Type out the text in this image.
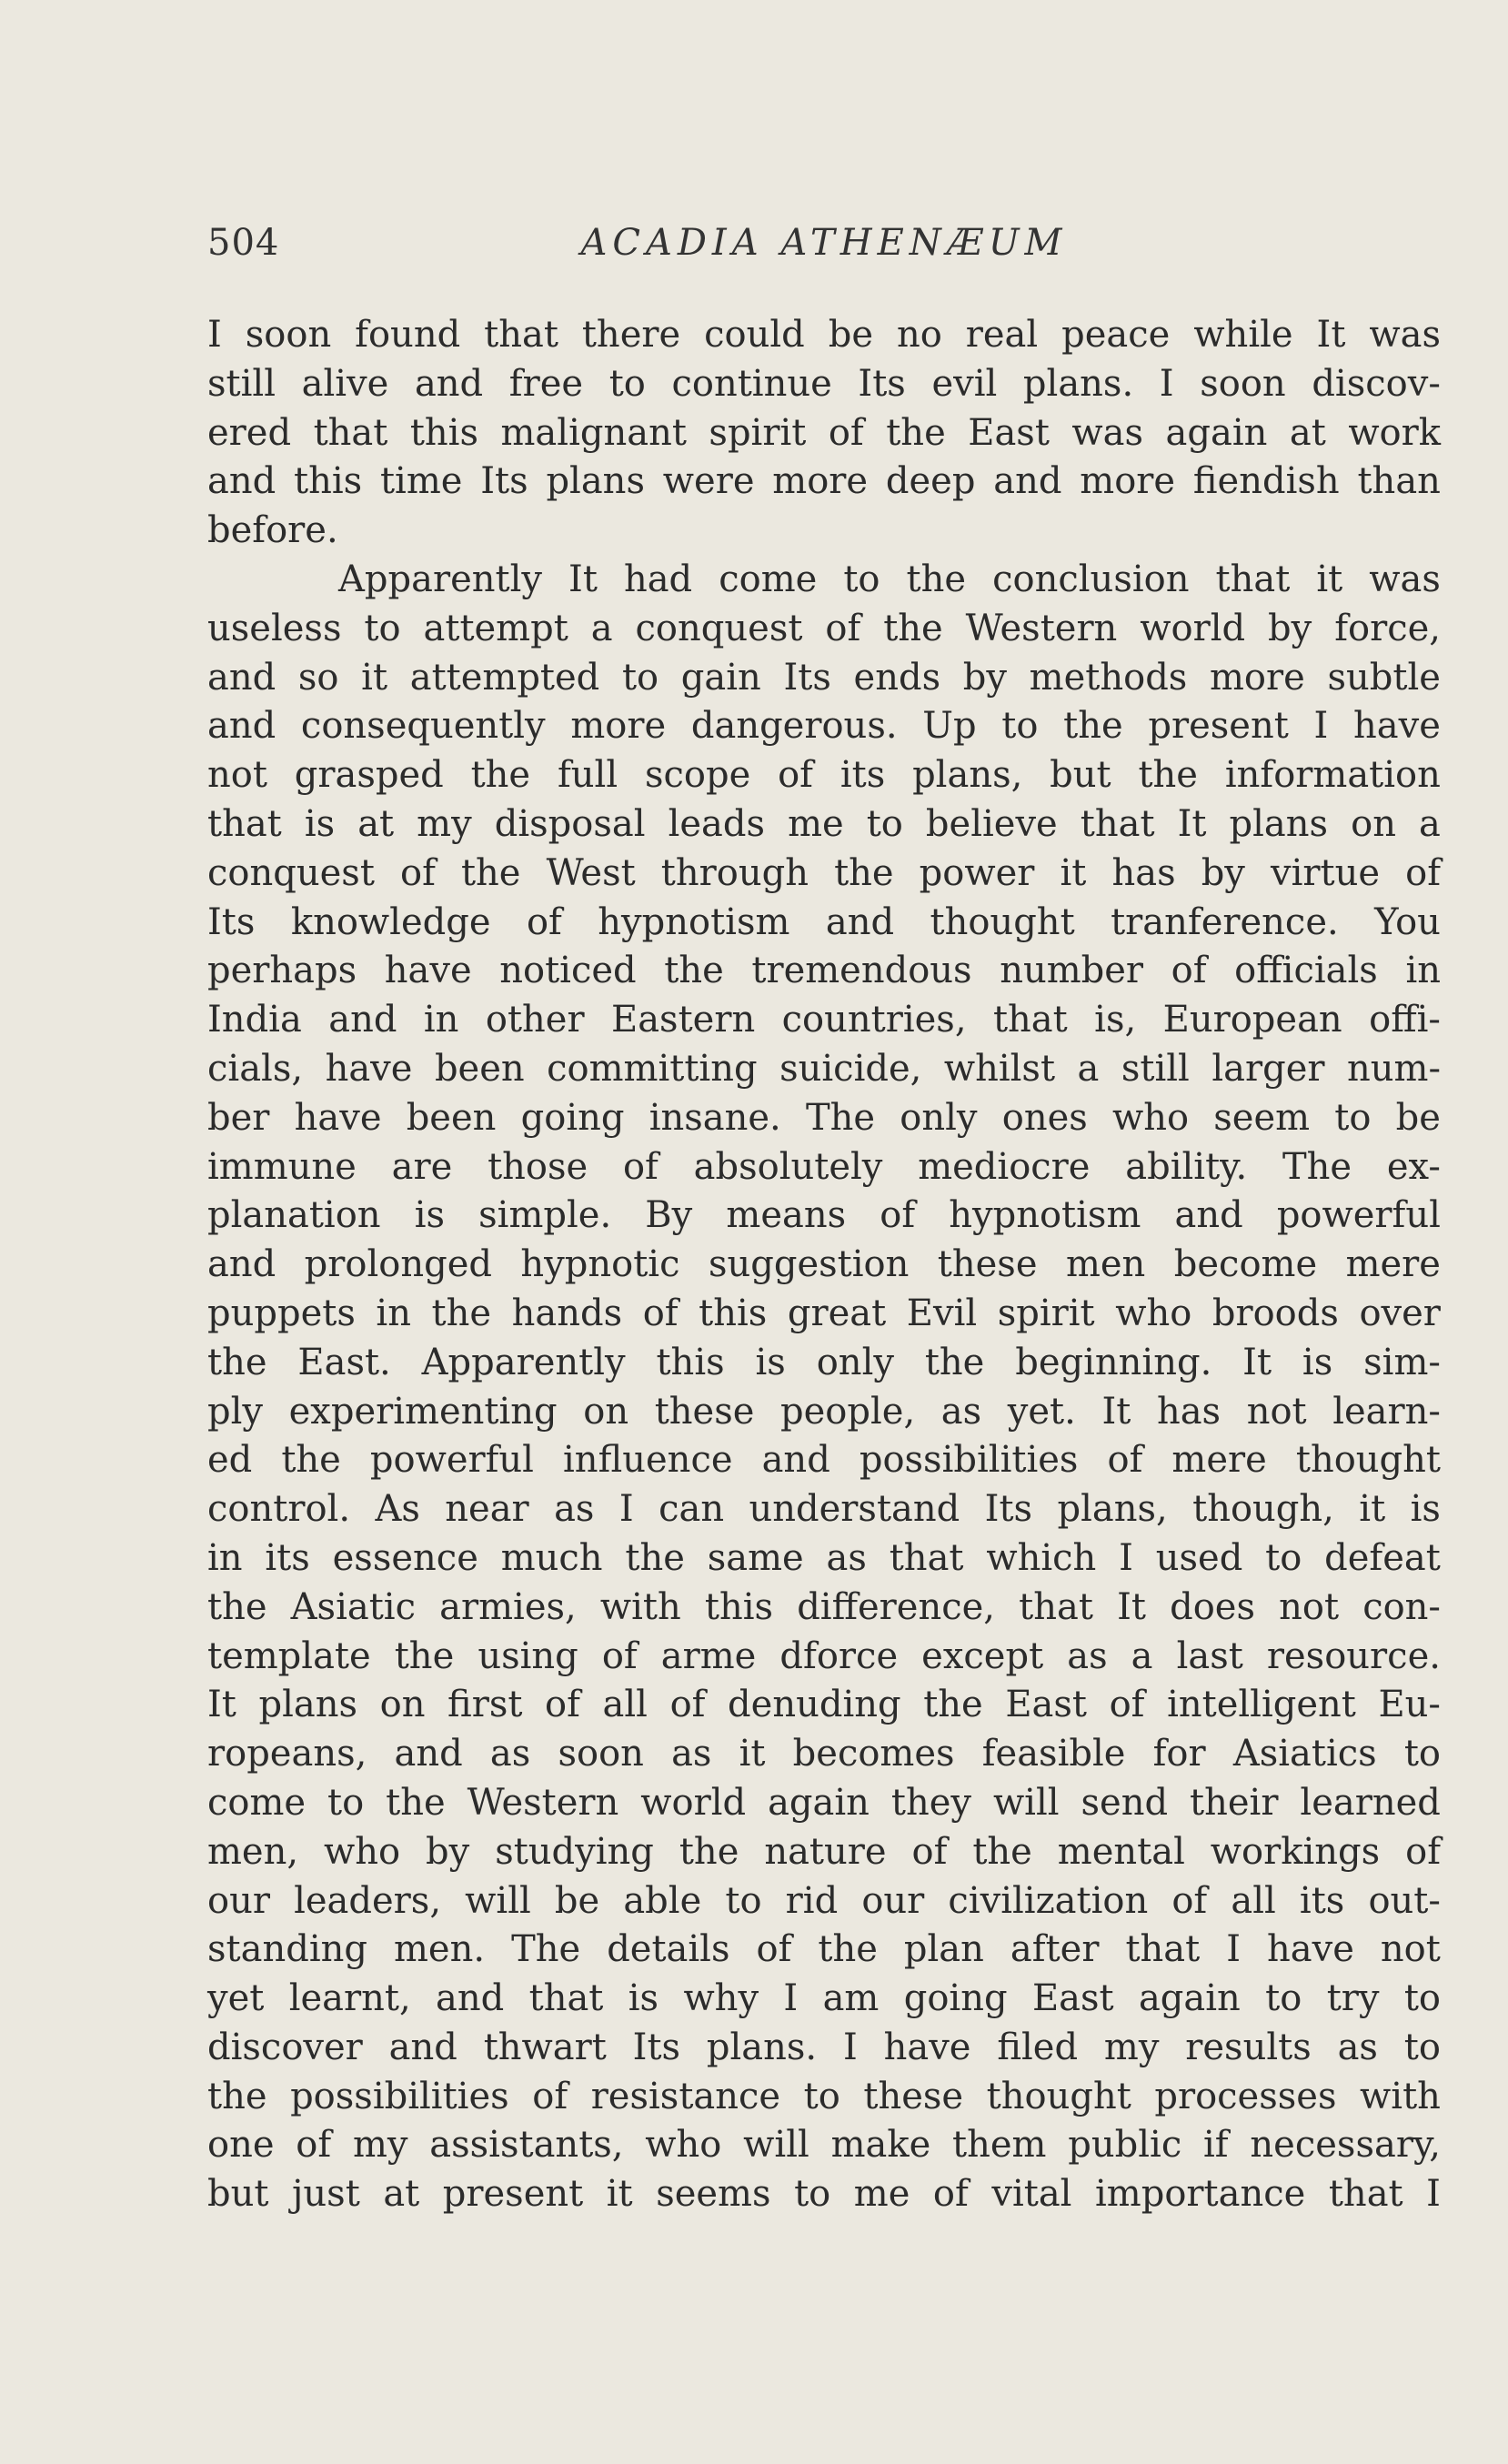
504	ACADIA ATHENÆUM
I soon found that there could be no real peace while It was
still alive and free to continue Its evil plans. I soon discov-
ered that this malignant spirit of the East was again at work
and this time Its plans were more deep and more fiendish than
before.
Apparently It had come to the conclusion that it was
useless to attempt a conquest of the Western world by force,
and so it attempted to gain Its ends by methods more subtle
and consequently more dangerous. Up to the present I have
not grasped the full scope of its plans, but the information
that is at my disposal leads me to believe that It plans on a
conquest of the West through the power it has by virtue of
Its knowledge of hypnotism and thought tranference. You
perhaps have noticed the tremendous number of officials in
India and in other Eastern countries, that is, European offi-
cials, have been committing suicide, whilst a still larger num-
ber have been going insane. The only ones who seem to be
immune are those of absolutely mediocre ability. The ex-
planation is simple. By means of hypnotism and powerful
and prolonged hypnotic suggestion these men become mere
puppets in the hands of this great Evil spirit who broods over
the East. Apparently this is only the beginning. It is sim-
ply experimenting on these people, as yet. It has not learn-
ed the powerful influence and possibilities of mere thought
control. As near as I can understand Its plans, though, it is
in its essence much the same as that which I used to defeat
the Asiatic armies, with this difference, that It does not con-
template the using of arme dforce except as a last resource.
It plans on first of all of denuding the East of intelligent Eu-
ropeans, and as soon as it becomes feasible for Asiatics to
come to the Western world again they will send their learned
men, who by studying the nature of the mental workings of
our leaders, will be able to rid our civilization of all its out-
standing men. The details of the plan after that I have not
yet learnt, and that is why I am going East again to try to
discover and thwart Its plans. I have filed my results as to
the possibilities of resistance to these thought processes with
one of my assistants, who will make them public if necessary,
but just at present it seems to me of vital importance that I
